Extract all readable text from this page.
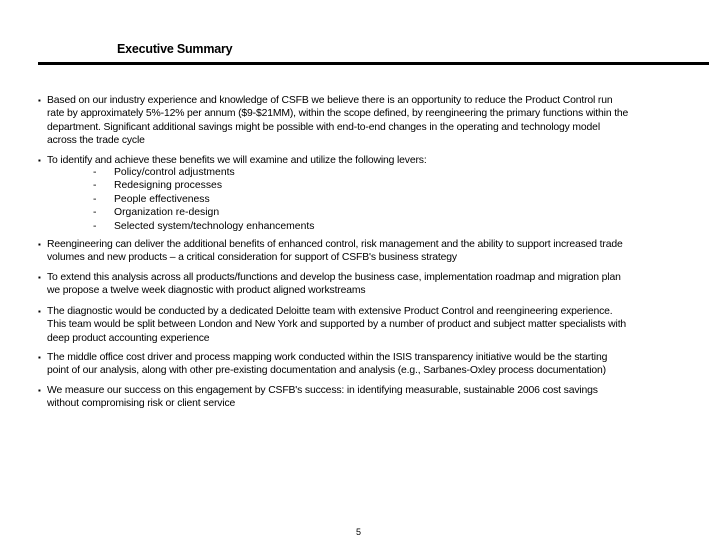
Executive Summary
▪ Based on our industry experience and knowledge of CSFB we believe there is an opportunity to reduce the Product Control run
rate by approximately 5%-12% per annum ($9-$21MM), within the scope defined, by reengineering the primary functions within the
department. Significant additional savings might be possible with end-to-end changes in the operating and technology model
across the trade cycle
▪ To identify and achieve these benefits we will examine and utilize the following levers:
▪ Reengineering can deliver the additional benefits of enhanced control, risk management and the ability to support increased trade
volumes and new products – a critical consideration for support of CSFB's business strategy
▪ To extend this analysis across all products/functions and develop the business case, implementation roadmap and migration plan
we propose a twelve week diagnostic with product aligned workstreams
▪ The diagnostic would be conducted by a dedicated Deloitte team with extensive Product Control and reengineering experience.
This team would be split between London and New York and supported by a number of product and subject matter specialists with
deep product accounting experience
▪ The middle office cost driver and process mapping work conducted within the ISIS transparency initiative would be the starting
point of our analysis, along with other pre-existing documentation and analysis (e.g., Sarbanes-Oxley process documentation)
▪ We measure our success on this engagement by CSFB's success: in identifying measurable, sustainable 2006 cost savings
without compromising risk or client service
- Policy/control adjustments
- Redesigning processes
- People effectiveness
- Organization re-design
- Selected system/technology enhancements
5
